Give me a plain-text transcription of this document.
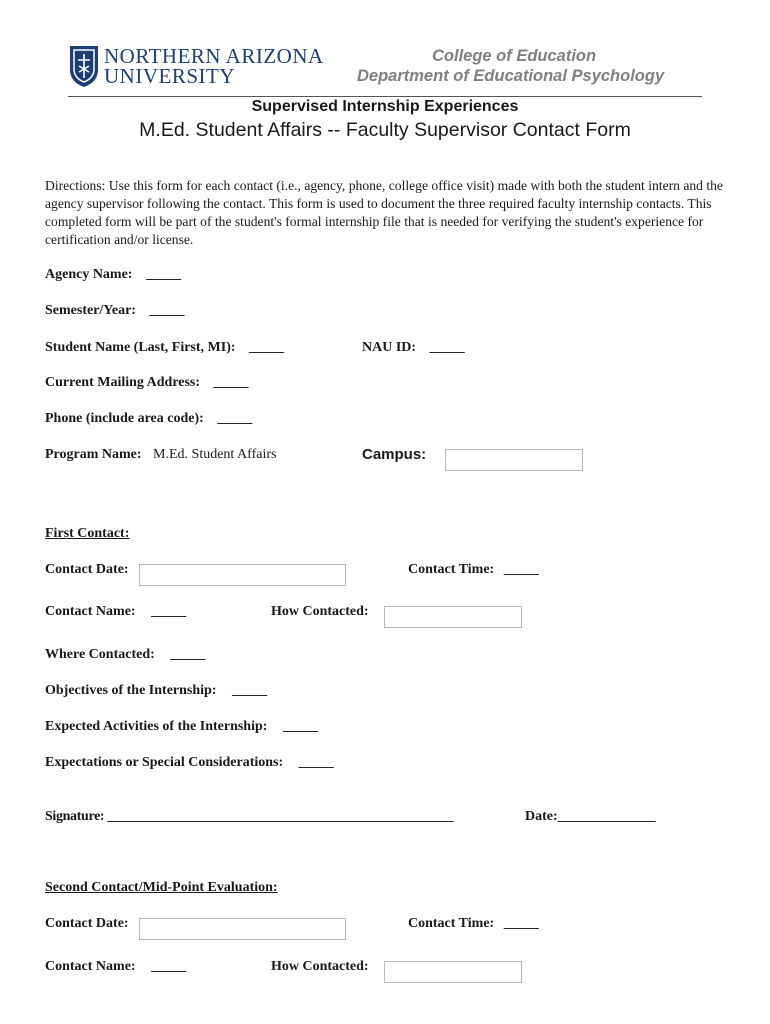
NORTHERN ARIZONA
UNIVERSITY
College of Education
Department of Educational Psychology
Supervised Internship Experiences
M.Ed. Student Affairs -- Faculty Supervisor Contact Form
Directions: Use this form for each contact (i.e., agency, phone, college office visit) made with both the student intern and the agency supervisor following the contact. This form is used to document the three required faculty internship contacts. This completed form will be part of the student's formal internship file that is needed for verifying the student's experience for certification and/or license.
Agency Name: _____
Semester/Year: _____
Student Name (Last, First, MI): _____	NAU ID: _____
Current Mailing Address: _____
Phone (include area code): _____
Program Name: M.Ed. Student Affairs	Campus:
First Contact:
Contact Date:	Contact Time: _____
Contact Name: _____	How Contacted:
Where Contacted: _____
Objectives of the Internship: _____
Expected Activities of the Internship: _____
Expectations or Special Considerations: _____
Signature: ____________________________________________________	Date:______________
Second Contact/Mid-Point Evaluation:
Contact Date:	Contact Time: _____
Contact Name: _____	How Contacted:
